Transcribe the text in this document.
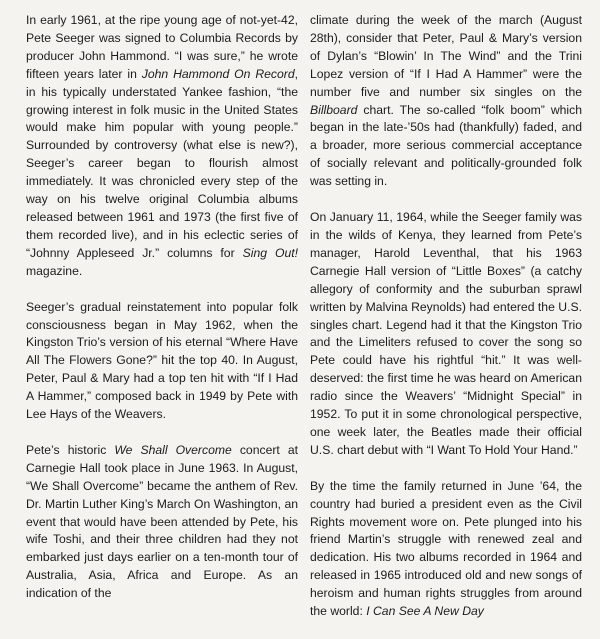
In early 1961, at the ripe young age of not-yet-42, Pete Seeger was signed to Columbia Records by producer John Hammond. “I was sure,” he wrote fifteen years later in John Hammond On Record, in his typically understated Yankee fashion, “the growing interest in folk music in the United States would make him popular with young people.” Surrounded by controversy (what else is new?), Seeger’s career began to flourish almost immediately. It was chronicled every step of the way on his twelve original Columbia albums released between 1961 and 1973 (the first five of them recorded live), and in his eclectic series of “Johnny Appleseed Jr.” columns for Sing Out! magazine.

Seeger’s gradual reinstatement into popular folk consciousness began in May 1962, when the Kingston Trio’s version of his eternal “Where Have All The Flowers Gone?” hit the top 40. In August, Peter, Paul & Mary had a top ten hit with “If I Had A Hammer,” composed back in 1949 by Pete with Lee Hays of the Weavers.

Pete’s historic We Shall Overcome concert at Carnegie Hall took place in June 1963. In August, “We Shall Overcome” became the anthem of Rev. Dr. Martin Luther King’s March On Washington, an event that would have been attended by Pete, his wife Toshi, and their three children had they not embarked just days earlier on a ten-month tour of Australia, Asia, Africa and Europe. As an indication of the

climate during the week of the march (August 28th), consider that Peter, Paul & Mary’s version of Dylan’s “Blowin’ In The Wind” and the Trini Lopez version of “If I Had A Hammer” were the number five and number six singles on the Billboard chart. The so-called “folk boom” which began in the late-’50s had (thankfully) faded, and a broader, more serious commercial acceptance of socially relevant and politically-grounded folk was setting in.

On January 11, 1964, while the Seeger family was in the wilds of Kenya, they learned from Pete’s manager, Harold Leventhal, that his 1963 Carnegie Hall version of “Little Boxes” (a catchy allegory of conformity and the suburban sprawl written by Malvina Reynolds) had entered the U.S. singles chart. Legend had it that the Kingston Trio and the Limeliters refused to cover the song so Pete could have his rightful “hit.” It was well-deserved: the first time he was heard on American radio since the Weavers’ “Midnight Special” in 1952. To put it in some chronological perspective, one week later, the Beatles made their official U.S. chart debut with “I Want To Hold Your Hand.”

By the time the family returned in June ’64, the country had buried a president even as the Civil Rights movement wore on. Pete plunged into his friend Martin’s struggle with renewed zeal and dedication. His two albums recorded in 1964 and released in 1965 introduced old and new songs of heroism and human rights struggles from around the world: I Can See A New Day
